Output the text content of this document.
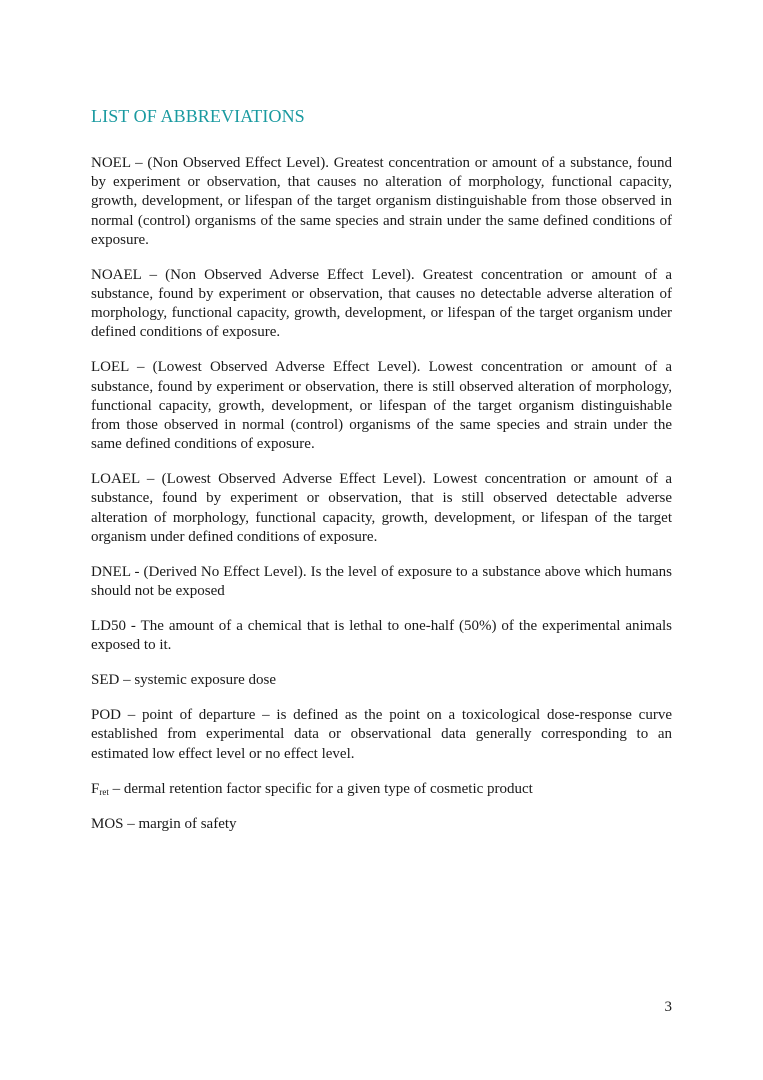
LIST OF ABBREVIATIONS

NOEL – (Non Observed Effect Level). Greatest concentration or amount of a substance, found by experiment or observation, that causes no alteration of morphology, functional capacity, growth, development, or lifespan of the target organism distinguishable from those observed in normal (control) organisms of the same species and strain under the same defined conditions of exposure.

NOAEL – (Non Observed Adverse Effect Level). Greatest concentration or amount of a substance, found by experiment or observation, that causes no detectable adverse alteration of morphology, functional capacity, growth, development, or lifespan of the target organism under defined conditions of exposure.

LOEL – (Lowest Observed Adverse Effect Level). Lowest concentration or amount of a substance, found by experiment or observation, there is still observed alteration of morphology, functional capacity, growth, development, or lifespan of the target organism distinguishable from those observed in normal (control) organisms of the same species and strain under the same defined conditions of exposure.

LOAEL – (Lowest Observed Adverse Effect Level). Lowest concentration or amount of a substance, found by experiment or observation, that is still observed detectable adverse alteration of morphology, functional capacity, growth, development, or lifespan of the target organism under defined conditions of exposure.

DNEL - (Derived No Effect Level). Is the level of exposure to a substance above which humans should not be exposed

LD50 - The amount of a chemical that is lethal to one-half (50%) of the experimental animals exposed to it.

SED – systemic exposure dose

POD – point of departure – is defined as the point on a toxicological dose-response curve established from experimental data or observational data generally corresponding to an estimated low effect level or no effect level.

$F_{ret}$ – dermal retention factor specific for a given type of cosmetic product

MOS – margin of safety

3
